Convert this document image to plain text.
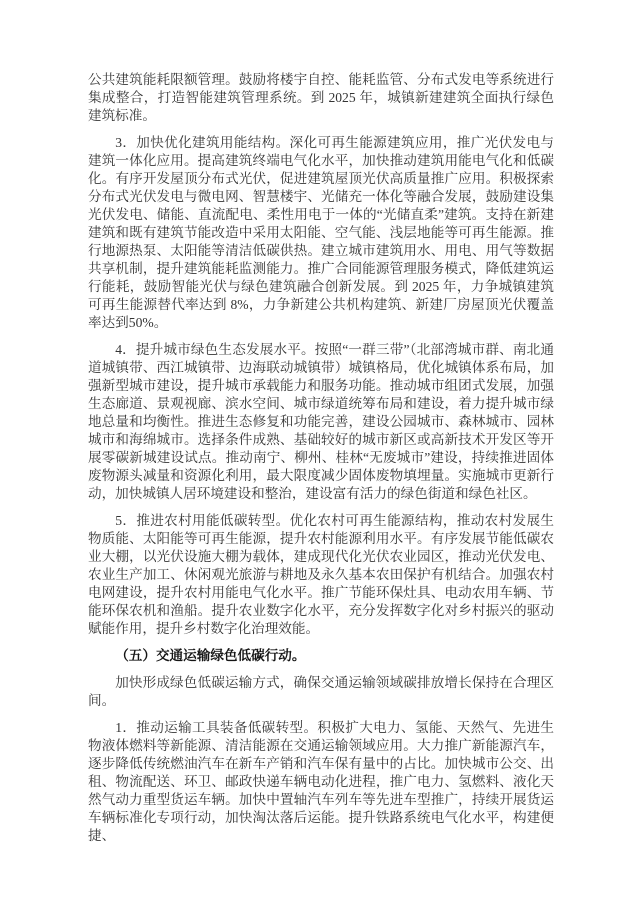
公共建筑能耗限额管理。鼓励将楼宇自控、能耗监管、分布式发电等系统进行集成整合，打造智能建筑管理系统。到 2025 年，城镇新建建筑全面执行绿色建筑标准。

3．加快优化建筑用能结构。深化可再生能源建筑应用，推广光伏发电与建筑一体化应用。提高建筑终端电气化水平，加快推动建筑用能电气化和低碳化。有序开发屋顶分布式光伏，促进建筑屋顶光伏高质量推广应用。积极探索分布式光伏发电与微电网、智慧楼宇、光储充一体化等融合发展，鼓励建设集光伏发电、储能、直流配电、柔性用电于一体的“光储直柔”建筑。支持在新建建筑和既有建筑节能改造中采用太阳能、空气能、浅层地能等可再生能源。推行地源热泵、太阳能等清洁低碳供热。建立城市建筑用水、用电、用气等数据共享机制，提升建筑能耗监测能力。推广合同能源管理服务模式，降低建筑运行能耗，鼓励智能光伏与绿色建筑融合创新发展。到 2025 年，力争城镇建筑可再生能源替代率达到 8%，力争新建公共机构建筑、新建厂房屋顶光伏覆盖率达到50%。

4．提升城市绿色生态发展水平。按照“一群三带”（北部湾城市群、南北通道城镇带、西江城镇带、边海联动城镇带）城镇格局，优化城镇体系布局，加强新型城市建设，提升城市承载能力和服务功能。推动城市组团式发展，加强生态廊道、景观视廊、滨水空间、城市绿道统筹布局和建设，着力提升城市绿地总量和均衡性。推进生态修复和功能完善，建设公园城市、森林城市、园林城市和海绵城市。选择条件成熟、基础较好的城市新区或高新技术开发区等开展零碳新城建设试点。推动南宁、柳州、桂林“无废城市”建设，持续推进固体废物源头减量和资源化利用，最大限度减少固体废物填埋量。实施城市更新行动，加快城镇人居环境建设和整治，建设富有活力的绿色街道和绿色社区。

5．推进农村用能低碳转型。优化农村可再生能源结构，推动农村发展生物质能、太阳能等可再生能源，提升农村能源利用水平。有序发展节能低碳农业大棚，以光伏设施大棚为载体，建成现代化光伏农业园区，推动光伏发电、农业生产加工、休闲观光旅游与耕地及永久基本农田保护有机结合。加强农村电网建设，提升农村用能电气化水平。推广节能环保灶具、电动农用车辆、节能环保农机和渔船。提升农业数字化水平，充分发挥数字化对乡村振兴的驱动赋能作用，提升乡村数字化治理效能。

（五）交通运输绿色低碳行动。

加快形成绿色低碳运输方式，确保交通运输领域碳排放增长保持在合理区间。

1．推动运输工具装备低碳转型。积极扩大电力、氢能、天然气、先进生物液体燃料等新能源、清洁能源在交通运输领域应用。大力推广新能源汽车，逐步降低传统燃油汽车在新车产销和汽车保有量中的占比。加快城市公交、出租、物流配送、环卫、邮政快递车辆电动化进程，推广电力、氢燃料、液化天然气动力重型货运车辆。加快中置轴汽车列车等先进车型推广，持续开展货运车辆标准化专项行动，加快淘汰落后运能。提升铁路系统电气化水平，构建便捷、
